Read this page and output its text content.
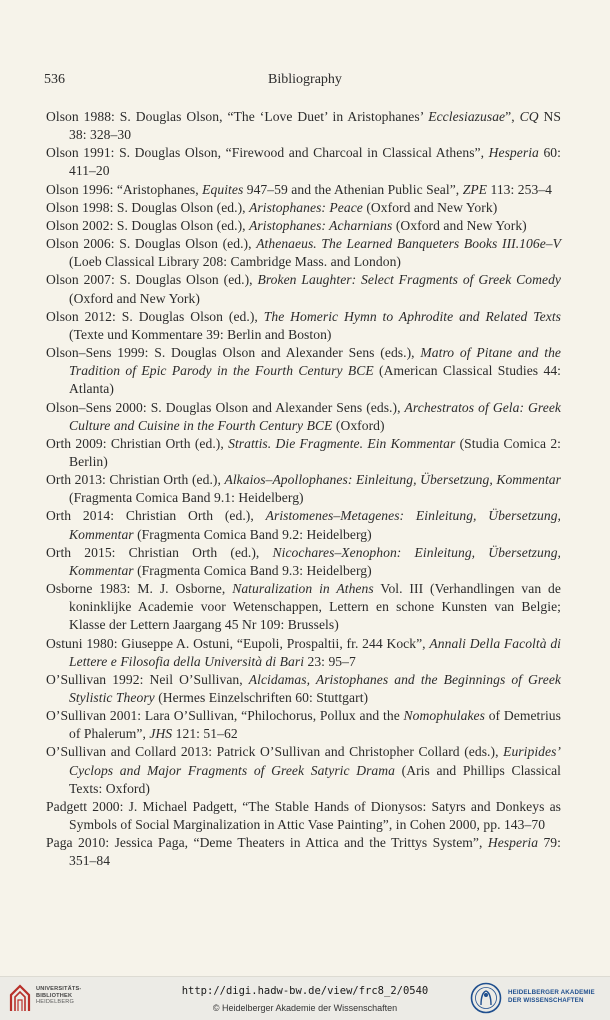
536	Bibliography

Olson 1988: S. Douglas Olson, “The ‘Love Duet’ in Aristophanes’ Ecclesiazusae”, CQ NS 38: 328–30

Olson 1991: S. Douglas Olson, “Firewood and Charcoal in Classical Athens”, Hesperia 60: 411–20

Olson 1996: “Aristophanes, Equites 947–59 and the Athenian Public Seal”, ZPE 113: 253–4

Olson 1998: S. Douglas Olson (ed.), Aristophanes: Peace (Oxford and New York)

Olson 2002: S. Douglas Olson (ed.), Aristophanes: Acharnians (Oxford and New York)

Olson 2006: S. Douglas Olson (ed.), Athenaeus. The Learned Banqueters Books III.106e–V (Loeb Classical Library 208: Cambridge Mass. and London)

Olson 2007: S. Douglas Olson (ed.), Broken Laughter: Select Fragments of Greek Comedy (Oxford and New York)

Olson 2012: S. Douglas Olson (ed.), The Homeric Hymn to Aphrodite and Related Texts (Texte und Kommentare 39: Berlin and Boston)

Olson–Sens 1999: S. Douglas Olson and Alexander Sens (eds.), Matro of Pitane and the Tradition of Epic Parody in the Fourth Century BCE (American Classical Studies 44: Atlanta)

Olson–Sens 2000: S. Douglas Olson and Alexander Sens (eds.), Archestratos of Gela: Greek Culture and Cuisine in the Fourth Century BCE (Oxford)

Orth 2009: Christian Orth (ed.), Strattis. Die Fragmente. Ein Kommentar (Studia Comica 2: Berlin)

Orth 2013: Christian Orth (ed.), Alkaios–Apollophanes: Einleitung, Übersetzung, Kommentar (Fragmenta Comica Band 9.1: Heidelberg)

Orth 2014: Christian Orth (ed.), Aristomenes–Metagenes: Einleitung, Übersetzung, Kommentar (Fragmenta Comica Band 9.2: Heidelberg)

Orth 2015: Christian Orth (ed.), Nicochares–Xenophon: Einleitung, Übersetzung, Kommentar (Fragmenta Comica Band 9.3: Heidelberg)

Osborne 1983: M. J. Osborne, Naturalization in Athens Vol. III (Verhandlingen van de koninklijke Academie voor Wetenschappen, Lettern en schone Kunsten van Belgie; Klasse der Lettern Jaargang 45 Nr 109: Brussels)

Ostuni 1980: Giuseppe A. Ostuni, “Eupoli, Prospaltii, fr. 244 Kock”, Annali Della Facoltà di Lettere e Filosofia della Università di Bari 23: 95–7

O’Sullivan 1992: Neil O’Sullivan, Alcidamas, Aristophanes and the Beginnings of Greek Stylistic Theory (Hermes Einzelschriften 60: Stuttgart)

O’Sullivan 2001: Lara O’Sullivan, “Philochorus, Pollux and the Nomophulakes of Demetrius of Phalerum”, JHS 121: 51–62

O’Sullivan and Collard 2013: Patrick O’Sullivan and Christopher Collard (eds.), Euripides’ Cyclops and Major Fragments of Greek Satyric Drama (Aris and Phillips Classical Texts: Oxford)

Padgett 2000: J. Michael Padgett, “The Stable Hands of Dionysos: Satyrs and Donkeys as Symbols of Social Marginalization in Attic Vase Painting”, in Cohen 2000, pp. 143–70

Paga 2010: Jessica Paga, “Deme Theaters in Attica and the Trittys System”, Hesperia 79: 351–84

UNIVERSITÄTS-
BIBLIOTHEK
HEIDELBERG
http://digi.hadw-bw.de/view/frc8_2/0540
© Heidelberger Akademie der Wissenschaften
HEIDELBERGER AKADEMIE
DER WISSENSCHAFTEN
